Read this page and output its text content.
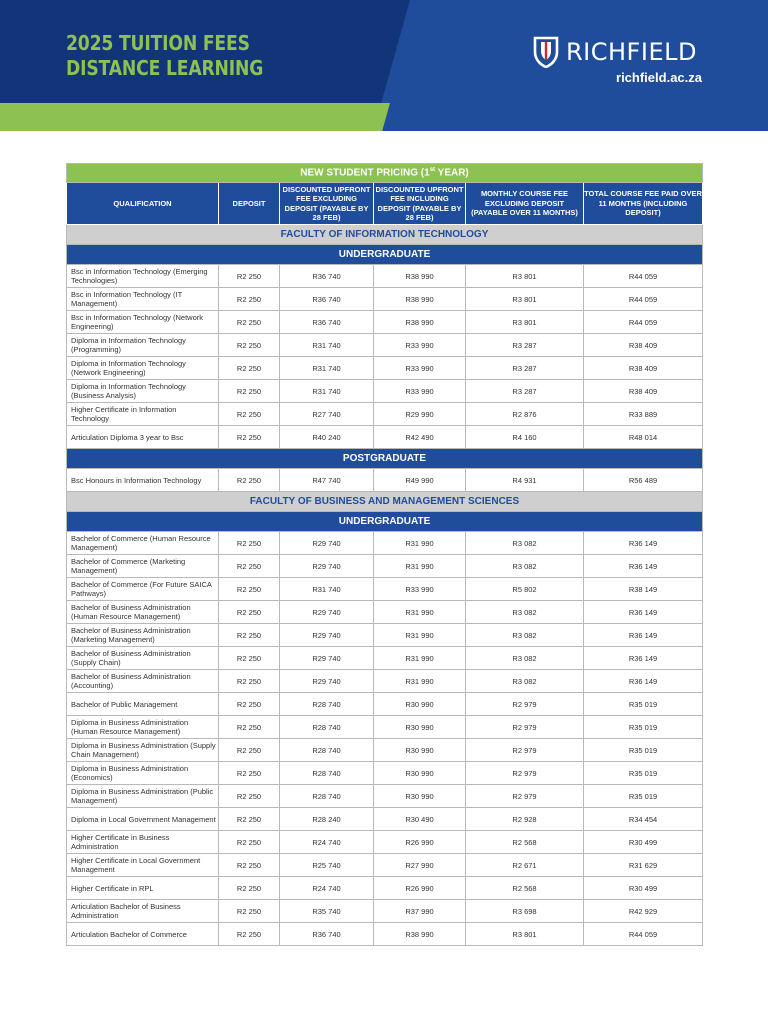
2025 TUITION FEES
DISTANCE LEARNING
RICHFIELD
richfield.ac.za
NEW STUDENT PRICING (1st YEAR)					
QUALIFICATION	DEPOSIT	DISCOUNTED UPFRONT FEE EXCLUDING DEPOSIT (PAYABLE BY 28 FEB)	DISCOUNTED UPFRONT FEE INCLUDING DEPOSIT (PAYABLE BY 28 FEB)	MONTHLY COURSE FEE EXCLUDING DEPOSIT (PAYABLE OVER 11 MONTHS)	TOTAL COURSE FEE PAID OVER 11 MONTHS (INCLUDING DEPOSIT)
FACULTY OF INFORMATION TECHNOLOGY					
UNDERGRADUATE					
Bsc in Information Technology (Emerging Technologies)	R2 250	R36 740	R38 990	R3 801	R44 059
Bsc in Information Technology (IT Management)	R2 250	R36 740	R38 990	R3 801	R44 059
Bsc in Information Technology (Network Engineering)	R2 250	R36 740	R38 990	R3 801	R44 059
Diploma in Information Technology (Programming)	R2 250	R31 740	R33 990	R3 287	R38 409
Diploma in Information Technology (Network Engineering)	R2 250	R31 740	R33 990	R3 287	R38 409
Diploma in Information Technology (Business Analysis)	R2 250	R31 740	R33 990	R3 287	R38 409
Higher Certificate in Information Technology	R2 250	R27 740	R29 990	R2 876	R33 889
Articulation Diploma 3 year to Bsc	R2 250	R40 240	R42 490	R4 160	R48 014
POSTGRADUATE					
Bsc Honours in Information Technology	R2 250	R47 740	R49 990	R4 931	R56 489
FACULTY OF BUSINESS AND MANAGEMENT SCIENCES					
UNDERGRADUATE					
Bachelor of Commerce (Human Resource Management)	R2 250	R29 740	R31 990	R3 082	R36 149
Bachelor of Commerce (Marketing Management)	R2 250	R29 740	R31 990	R3 082	R36 149
Bachelor of Commerce (For Future SAICA Pathways)	R2 250	R31 740	R33 990	R5 802	R38 149
Bachelor of Business Administration (Human Resource Management)	R2 250	R29 740	R31 990	R3 082	R36 149
Bachelor of Business Administration (Marketing Management)	R2 250	R29 740	R31 990	R3 082	R36 149
Bachelor of Business Administration (Supply Chain)	R2 250	R29 740	R31 990	R3 082	R36 149
Bachelor of Business Administration (Accounting)	R2 250	R29 740	R31 990	R3 082	R36 149
Bachelor of Public Management	R2 250	R28 740	R30 990	R2 979	R35 019
Diploma in Business Administration (Human Resource Management)	R2 250	R28 740	R30 990	R2 979	R35 019
Diploma in Business Administration (Supply Chain Management)	R2 250	R28 740	R30 990	R2 979	R35 019
Diploma in Business Administration (Economics)	R2 250	R28 740	R30 990	R2 979	R35 019
Diploma in Business Administration (Public Management)	R2 250	R28 740	R30 990	R2 979	R35 019
Diploma in Local Government Management	R2 250	R28 240	R30 490	R2 928	R34 454
Higher Certificate in Business Administration	R2 250	R24 740	R26 990	R2 568	R30 499
Higher Certificate in Local Government Management	R2 250	R25 740	R27 990	R2 671	R31 629
Higher Certificate in RPL	R2 250	R24 740	R26 990	R2 568	R30 499
Articulation Bachelor of Business Administration	R2 250	R35 740	R37 990	R3 698	R42 929
Articulation Bachelor of Commerce	R2 250	R36 740	R38 990	R3 801	R44 059
